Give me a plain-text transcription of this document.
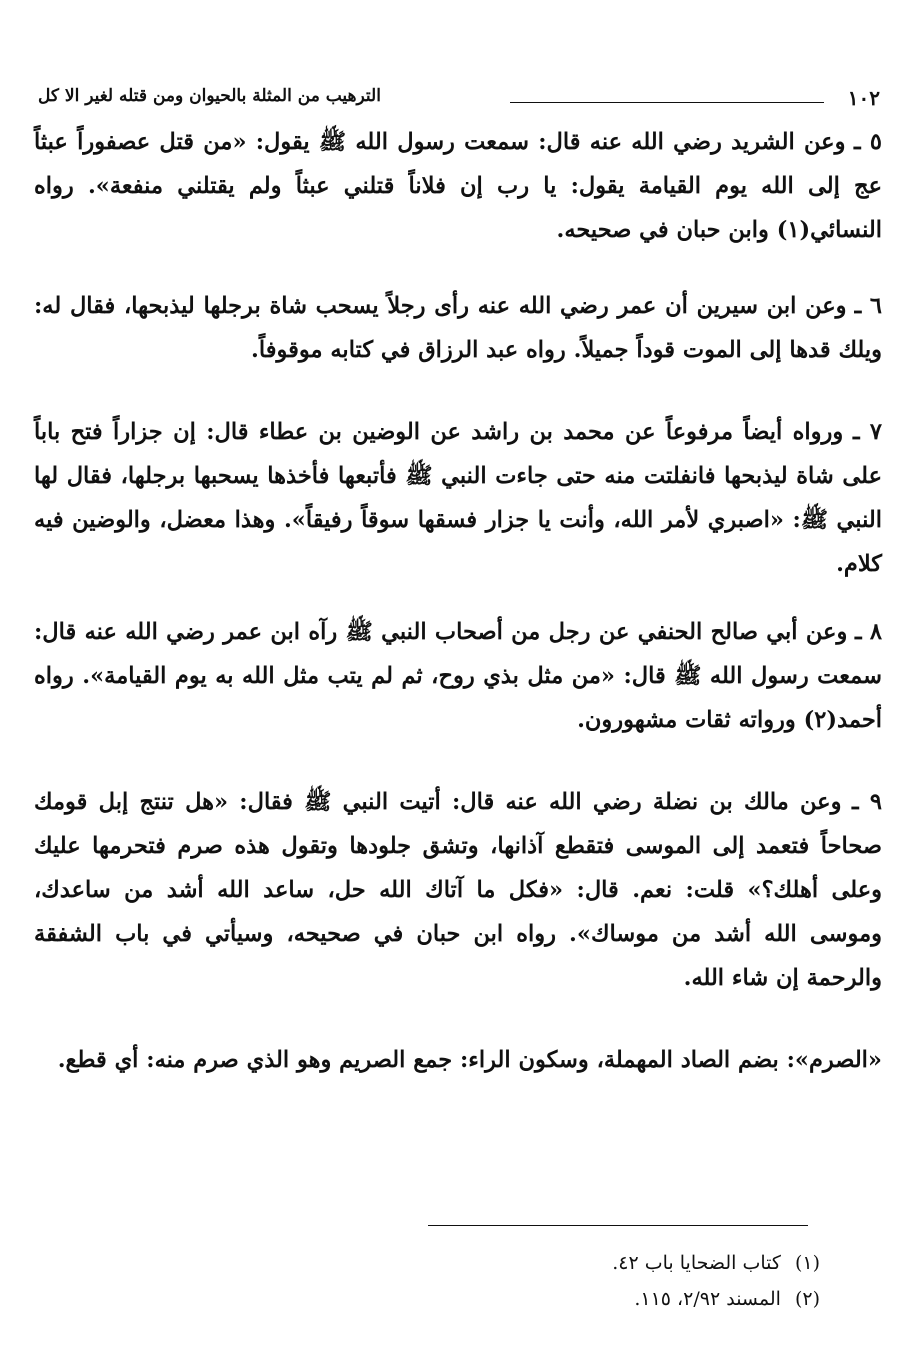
١٠٢
الترهيب من المثلة بالحيوان ومن قتله لغير الا كل

٥ ـ وعن الشريد رضي الله عنه قال: سمعت رسول الله ﷺ يقول: «من قتل عصفوراً عبثاً عج إلى الله يوم القيامة يقول: يا رب إن فلاناً قتلني عبثاً ولم يقتلني منفعة». رواه النسائي(١) وابن حبان في صحيحه.

٦ ـ وعن ابن سيرين أن عمر رضي الله عنه رأى رجلاً يسحب شاة برجلها ليذبحها، فقال له: ويلك قدها إلى الموت قوداً جميلاً. رواه عبد الرزاق في كتابه موقوفاً.

٧ ـ ورواه أيضاً مرفوعاً عن محمد بن راشد عن الوضين بن عطاء قال: إن جزاراً فتح باباً على شاة ليذبحها فانفلتت منه حتى جاءت النبي ﷺ فأتبعها فأخذها يسحبها برجلها، فقال لها النبي ﷺ: «اصبري لأمر الله، وأنت يا جزار فسقها سوقاً رفيقاً». وهذا معضل، والوضين فيه كلام.

٨ ـ وعن أبي صالح الحنفي عن رجل من أصحاب النبي ﷺ رآه ابن عمر رضي الله عنه قال: سمعت رسول الله ﷺ قال: «من مثل بذي روح، ثم لم يتب مثل الله به يوم القيامة». رواه أحمد(٢) ورواته ثقات مشهورون.

٩ ـ وعن مالك بن نضلة رضي الله عنه قال: أتيت النبي ﷺ فقال: «هل تنتج إبل قومك صحاحاً فتعمد إلى الموسى فتقطع آذانها، وتشق جلودها وتقول هذه صرم فتحرمها عليك وعلى أهلك؟» قلت: نعم. قال: «فكل ما آتاك الله حل، ساعد الله أشد من ساعدك، وموسى الله أشد من موساك». رواه ابن حبان في صحيحه، وسيأتي في باب الشفقة والرحمة إن شاء الله.

«الصرم»: بضم الصاد المهملة، وسكون الراء: جمع الصريم وهو الذي صرم منه: أي قطع.

(١)كتاب الضحايا باب ٤٢.
(٢)المسند ٢/٩٢، ١١٥.
